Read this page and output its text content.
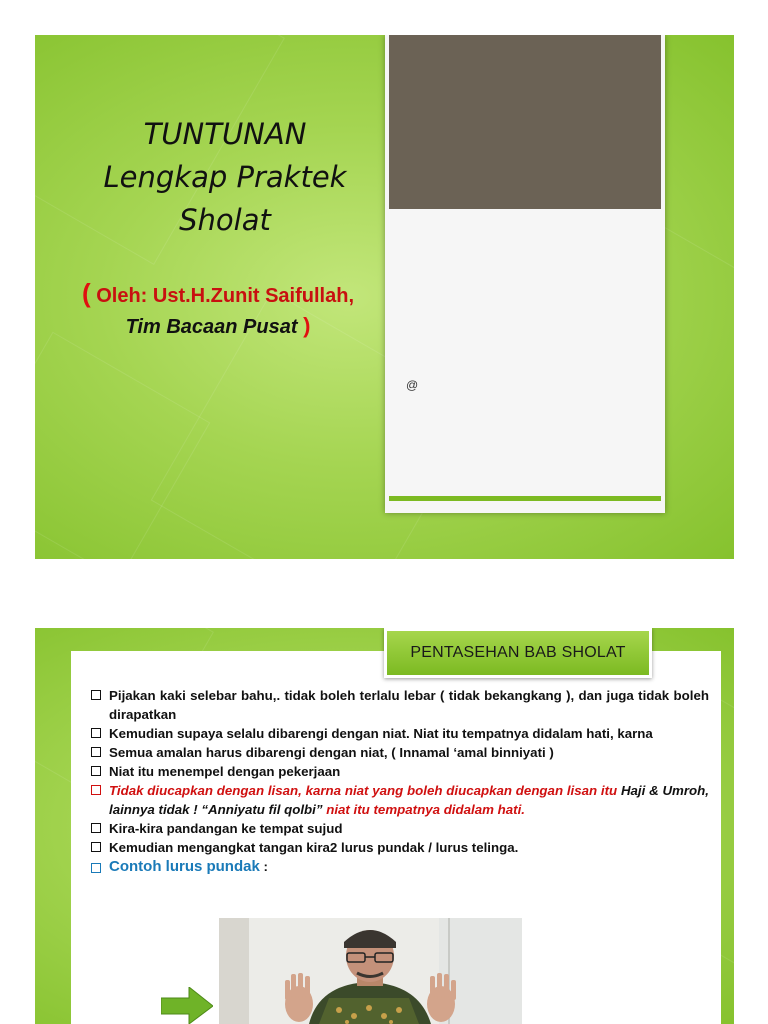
TUNTUNAN
Lengkap Praktek
Sholat
( Oleh: Ust.H.Zunit Saifullah,
Tim Bacaan Pusat )
@
PENTASEHAN BAB SHOLAT
Pijakan kaki selebar bahu,. tidak boleh terlalu lebar ( tidak bekangkang ), dan juga tidak boleh dirapatkan
Kemudian supaya selalu dibarengi dengan niat. Niat itu tempatnya didalam hati, karna
Semua amalan harus dibarengi dengan niat, ( Innamal ‘amal binniyati )
Niat itu menempel dengan pekerjaan
Tidak diucapkan dengan lisan, karna niat yang boleh diucapkan dengan lisan itu Haji & Umroh, lainnya tidak ! “Anniyatu fil qolbi” niat itu tempatnya didalam hati.
Kira-kira pandangan ke tempat sujud
Kemudian mengangkat tangan kira2 lurus pundak / lurus telinga.
Contoh lurus pundak :
